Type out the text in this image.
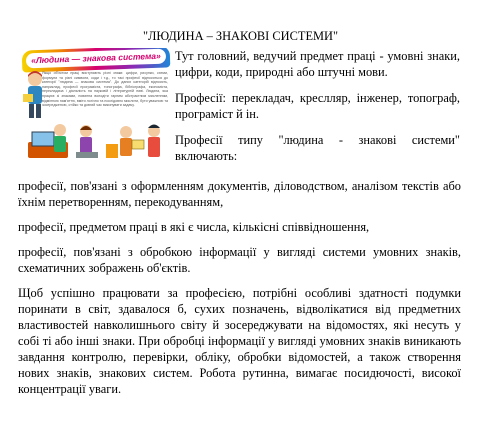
"ЛЮДИНА – ЗНАКОВІ СИСТЕМИ"
«Людина — знакова система»
Якщо об'єктом праці виступають різні знаки: цифри, рисунки, схеми, формули та різні символи, коди і т.д., то такі професії відносяться до категорії "людина — знакова система". До даних категорій відносять, наприклад, професії програміста, топографа, бібліографа, економіста, перекладача і діяльність на науковій і літературній ниві. Людина, яка працює зі знаками, повинна володіти гарним абстрактним мисленням, відмінною пам'яттю, вміти логічно та послідовно мислити, бути уважною та зосередженою, стійко та довгий час виконувати задачу.

Тут головний, ведучий предмет праці - умовні знаки, цифри, коди, природні або штучні мови.

Професії: перекладач, креслляр, інженер, топограф, програміст й ін.

Професії типу "людина - знакові системи" включають:

професії, пов'язані з оформленням документів, діловодством, аналізом текстів або їхнім перетворенням, перекодуванням,

професії, предметом праці в які є числа, кількісні співвідношення,

професії, пов'язані з обробкою інформації у вигляді системи умовних знаків, схематичних зображень об'єктів.

Щоб успішно працювати за професією, потрібні особливі здатності подумки поринати в світ, здавалося б, сухих позначень, відволікатися від предметних властивостей навколишнього світу й зосереджувати на відомостях, які несуть у собі ті або інші знаки. При обробці інформації у вигляді умовних знаків виникають завдання контролю, перевірки, обліку, обробки відомостей, а також створення нових знаків, знакових систем. Робота рутинна, вимагає посидючості, високої концентрації уваги.
